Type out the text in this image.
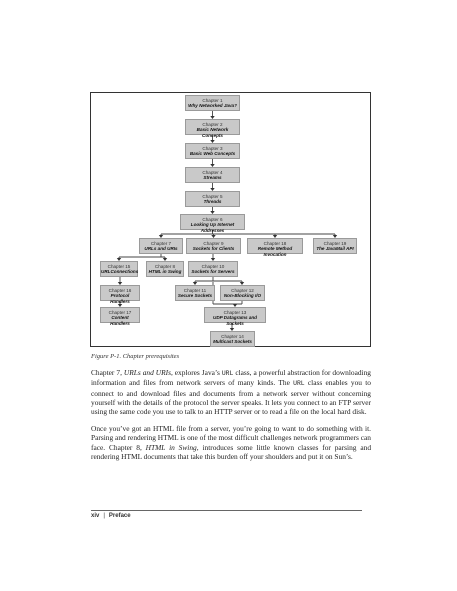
Chapter 1
Why Networked Java?
Chapter 2
Basic Network Concepts
Chapter 3
Basic Web Concepts
Chapter 4
Streams
Chapter 5
Threads
Chapter 6
Looking Up Internet Addresses
Chapter 7
URLs and URIs
Chapter 9
Sockets for Clients
Chapter 18
Remote Method Invocation
Chapter 19
The JavaMail API
Chapter 15
URLConnections
Chapter 8
HTML in Swing
Chapter 10
Sockets for Servers
Chapter 16
Protocol Handlers
Chapter 11
Secure Sockets
Chapter 12
Non-Blocking I/O
Chapter 17
Content Handlers
Chapter 13
UDP Datagrams and Sockets
Chapter 14
Multicast Sockets
Figure P-1. Chapter prerequisites

Chapter 7, URLs and URIs, explores Java’s URL class, a powerful abstraction for downloading information and files from network servers of many kinds. The URL class enables you to connect to and download files and documents from a network server without concerning yourself with the details of the protocol the server speaks. It lets you connect to an FTP server using the same code you use to talk to an HTTP server or to read a file on the local hard disk.

Once you’ve got an HTML file from a server, you’re going to want to do something with it. Parsing and rendering HTML is one of the most difficult challenges network programmers can face. Chapter 8, HTML in Swing, introduces some little known classes for parsing and rendering HTML documents that take this burden off your shoulders and put it on Sun’s.

xiv | Preface
